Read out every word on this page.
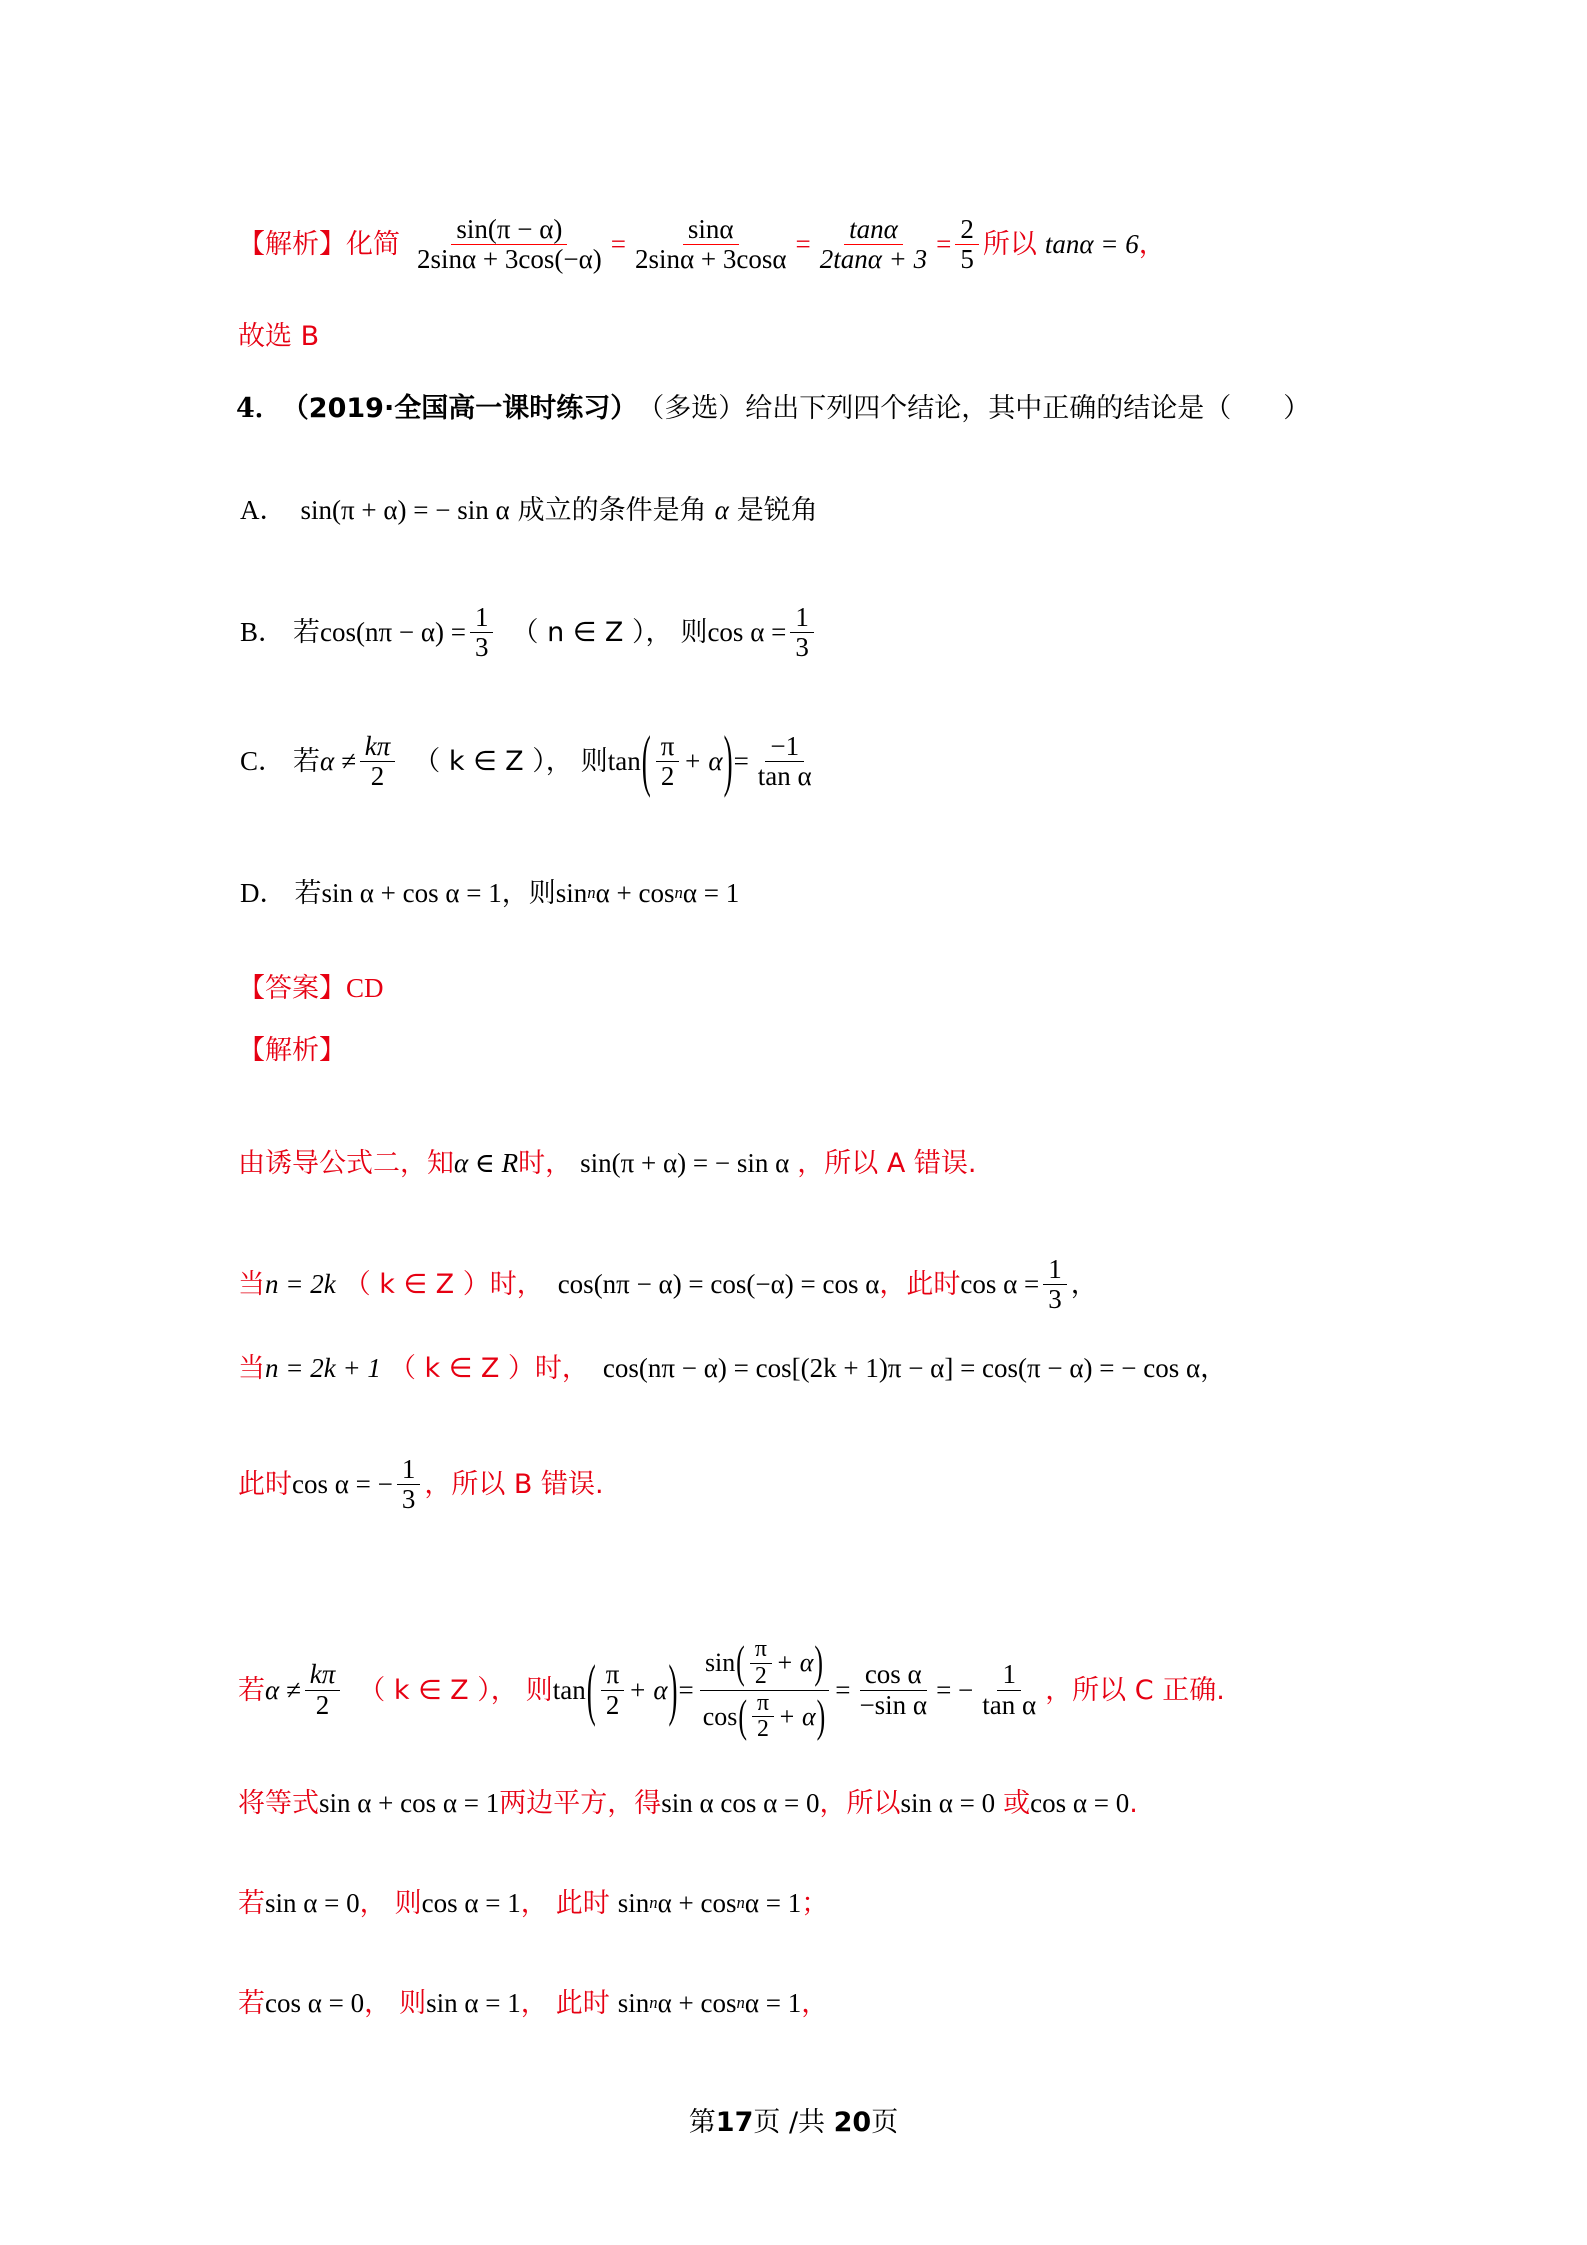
【解析】 化简 $\frac{\sin(\pi - \alpha)}{2\sin\alpha + 3\cos(-\alpha)} = \frac{\sin\alpha}{2\sin\alpha + 3\cos\alpha} = \frac{\tan\alpha}{2\tan\alpha + 3} = \frac{2}{5}$ 所以 tanα = 6 ，
故选 B
4． （2019·全国高一课时练习） （多选） 给出下列四个结论，其中正确的结论是（ ）
A． sin(π + α) = − sin α 成立的条件是角 α 是锐角
B． 若 $\cos(n\pi - \alpha) = \frac{1}{3}$ （ n ∈ Z ）， 则 $\cos \alpha = \frac{1}{3}$
C． 若 $\alpha \ne \frac{k\pi}{2}$ （ k ∈ Z ）， 则 tan ( $\frac{\pi}{2} + \alpha$ ) = $\frac{-1}{\text{tan α}}$
D． 若 sin α + cos α = 1 ， 则 sin n α + cos n α = 1
【答案】 CD
【解析】
由诱导公式二， 知 α ∈ R 时， sin(π + α) = − sin α ，所以 A 错误.
当 n = 2k （ k ∈ Z ）时， cos(nπ − α) = cos(−α) = cos α ，此时 $\cos \alpha = \frac{1}{3}$ ，
当 n = 2k + 1 （ k ∈ Z ）时， cos(nπ − α) = cos[(2k + 1)π − α] = cos(π − α) = − cos α ，
此时 cos α = − $\frac{1}{3}$ ，所以 B 错误.
若 $\alpha \ne \frac{k\pi}{2}$ （ k ∈ Z ）， 则 tan ( $\frac{\pi}{2} + \alpha$ ) =
sin ( $\frac{\pi}{2} + \alpha$ )
cos ( $\frac{\pi}{2} + \alpha$ )
= $\frac{\text{cos α}}{\text{−sin α}}$ = − $\frac{1}{\text{tan α}}$ ，所以 C 正确.
将等式 sin α + cos α = 1 两边平方， 得 sin α cos α = 0 ，所以 sin α = 0 或 cos α = 0 .
若 sin α = 0 ， 则 cos α = 1 ， 此时 sin n α + cos n α = 1 ；
若 cos α = 0 ， 则 sin α = 1 ， 此时 sin n α + cos n α = 1 ，
第17页 /共 20页
